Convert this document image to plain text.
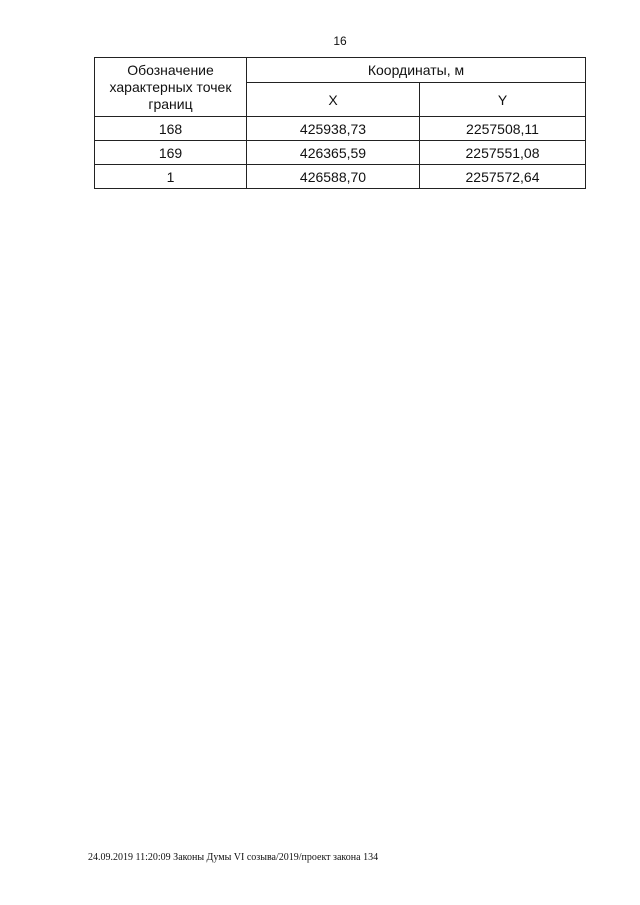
16
Обозначение характерных точек границ	Координаты, м	
	X	Y
168	425938,73	2257508,11
169	426365,59	2257551,08
1	426588,70	2257572,64
24.09.2019 11:20:09 Законы Думы VI созыва/2019/проект закона 134
